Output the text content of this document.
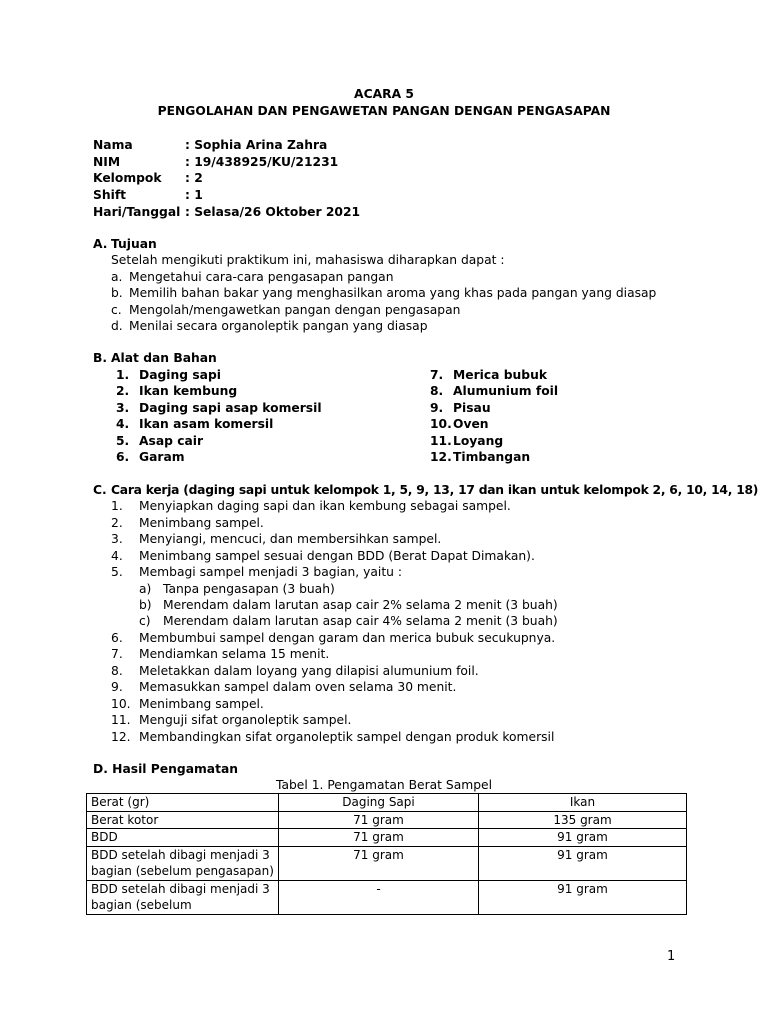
ACARA 5
PENGOLAHAN DAN PENGAWETAN PANGAN DENGAN PENGASAPAN
Nama	: Sophia Arina Zahra
NIM	: 19/438925/KU/21231
Kelompok : 2
Shift	: 1
Hari/Tanggal : Selasa/26 Oktober 2021
A. Tujuan
Setelah mengikuti praktikum ini, mahasiswa diharapkan dapat :
a. Mengetahui cara-cara pengasapan pangan
b. Memilih bahan bakar yang menghasilkan aroma yang khas pada pangan yang diasap
c. Mengolah/mengawetkan pangan dengan pengasapan
d. Menilai secara organoleptik pangan yang diasap
B. Alat dan Bahan
1. Daging sapi
2. Ikan kembung
3. Daging sapi asap komersil
4. Ikan asam komersil
5. Asap cair
6. Garam
7. Merica bubuk
8. Alumunium foil
9. Pisau
10. Oven
11. Loyang
12. Timbangan
C. Cara kerja (daging sapi untuk kelompok 1, 5, 9, 13, 17 dan ikan untuk kelompok 2, 6, 10, 14, 18)
1. Menyiapkan daging sapi dan ikan kembung sebagai sampel.
2. Menimbang sampel.
3. Menyiangi, mencuci, dan membersihkan sampel.
4. Menimbang sampel sesuai dengan BDD (Berat Dapat Dimakan).
5. Membagi sampel menjadi 3 bagian, yaitu :
a) Tanpa pengasapan (3 buah)
b) Merendam dalam larutan asap cair 2% selama 2 menit (3 buah)
c) Merendam dalam larutan asap cair 4% selama 2 menit (3 buah)
6. Membumbui sampel dengan garam dan merica bubuk secukupnya.
7. Mendiamkan selama 15 menit.
8. Meletakkan dalam loyang yang dilapisi alumunium foil.
9. Memasukkan sampel dalam oven selama 30 menit.
10. Menimbang sampel.
11. Menguji sifat organoleptik sampel.
12. Membandingkan sifat organoleptik sampel dengan produk komersil
D. Hasil Pengamatan
Tabel 1. Pengamatan Berat Sampel
Berat (gr)	Daging Sapi	Ikan
Berat kotor	71 gram	135 gram
BDD	71 gram	91 gram
BDD setelah dibagi menjadi 3 bagian (sebelum pengasapan)	71 gram	91 gram
BDD setelah dibagi menjadi 3 bagian (sebelum	-	91 gram
1
